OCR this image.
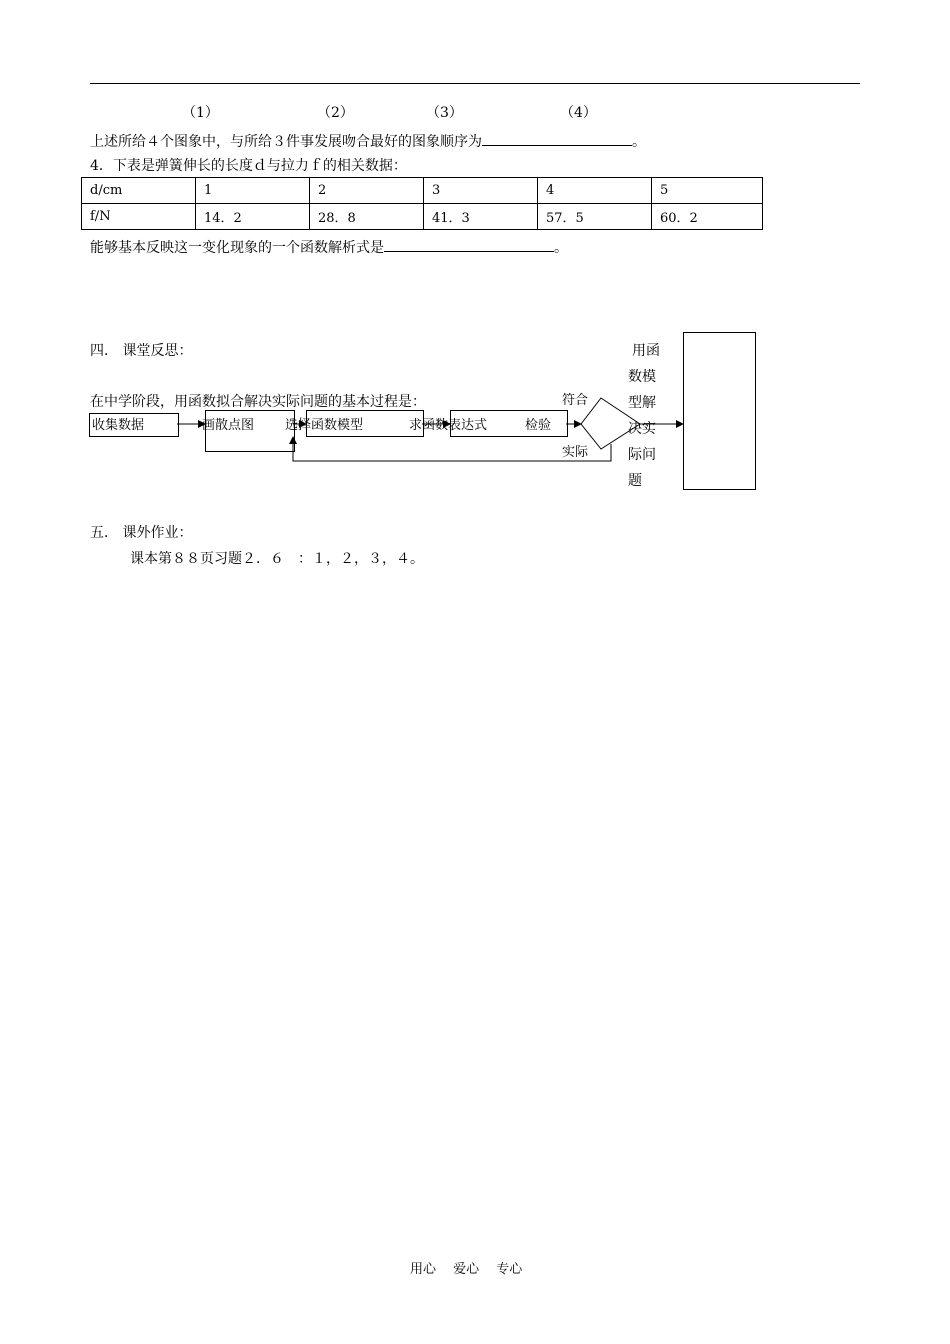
（1）	（2）	（3）	（4）
上述所给４个图象中，与所给３件事发展吻合最好的图象顺序为	。
4．下表是弹簧伸长的长度ｄ与拉力ｆ的相关数据：
d/cm	1	2	3	4	5
f/N	14．2	28．8	41．3	57．5	60．2
能够基本反映这一变化现象的一个函数解析式是	。
四． 课堂反思：
在中学阶段，用函数拟合解决实际问题的基本过程是：
收集数据	画散点图 选择函数模型	求函数表达式	检验
符合
实际
用函
数模
型解
决实
际问
题
五． 课外作业：
课本第８８页习题２．６　：１，２，３，４。
用心　 爱心　 专心
